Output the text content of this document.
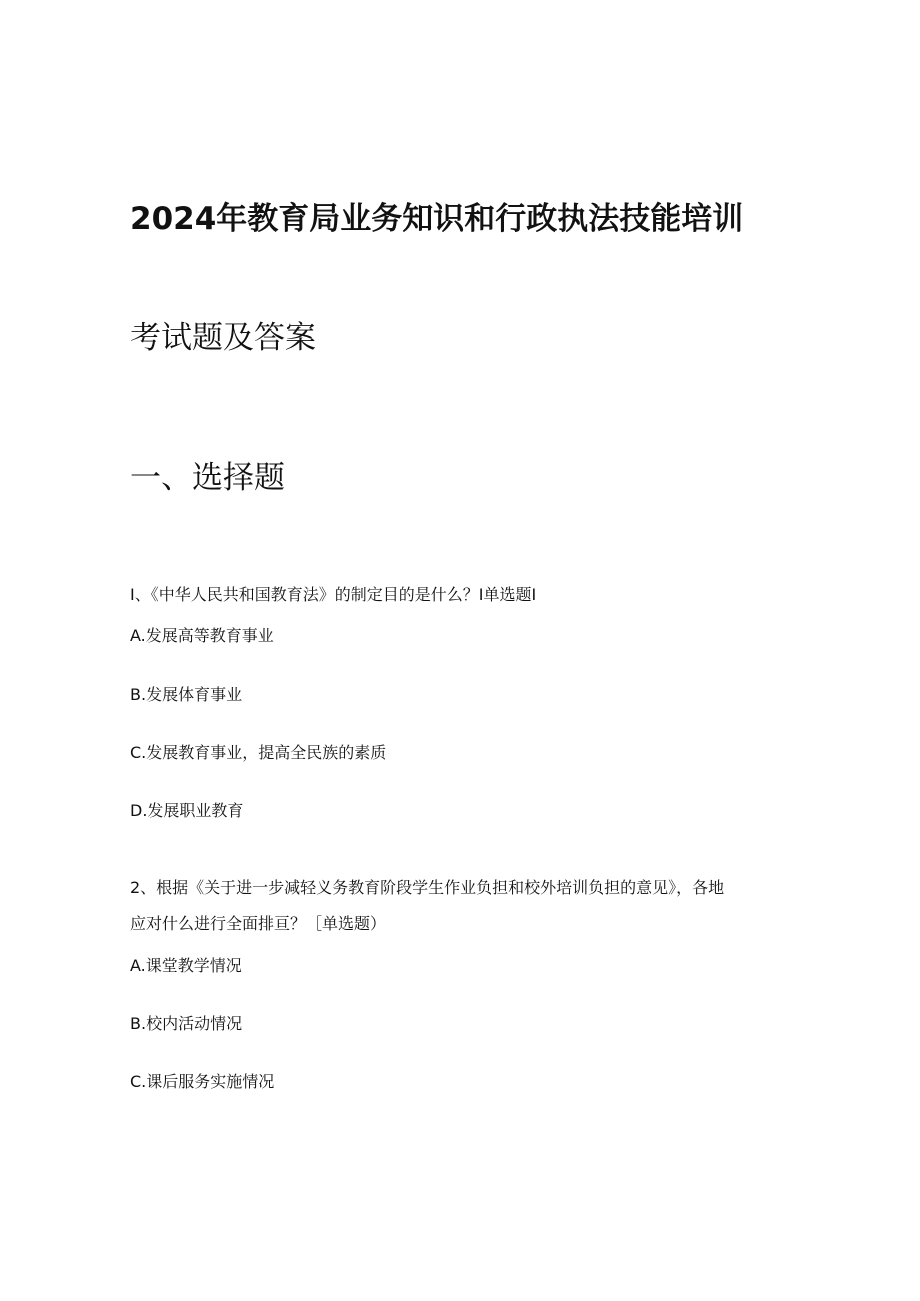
2024年教育局业务知识和行政执法技能培训
考试题及答案
一、选择题
I、《中华人民共和国教育法》的制定目的是什么？I单选题I
A.发展高等教育事业
B.发展体育事业
C.发展教育事业，提高全民族的素质
D.发展职业教育
2、根据《关于进一步减轻义务教育阶段学生作业负担和校外培训负担的意见》，各地
应对什么进行全面排亘？［单选题）
A.课堂教学情况
B.校内活动情况
C.课后服务实施情况
